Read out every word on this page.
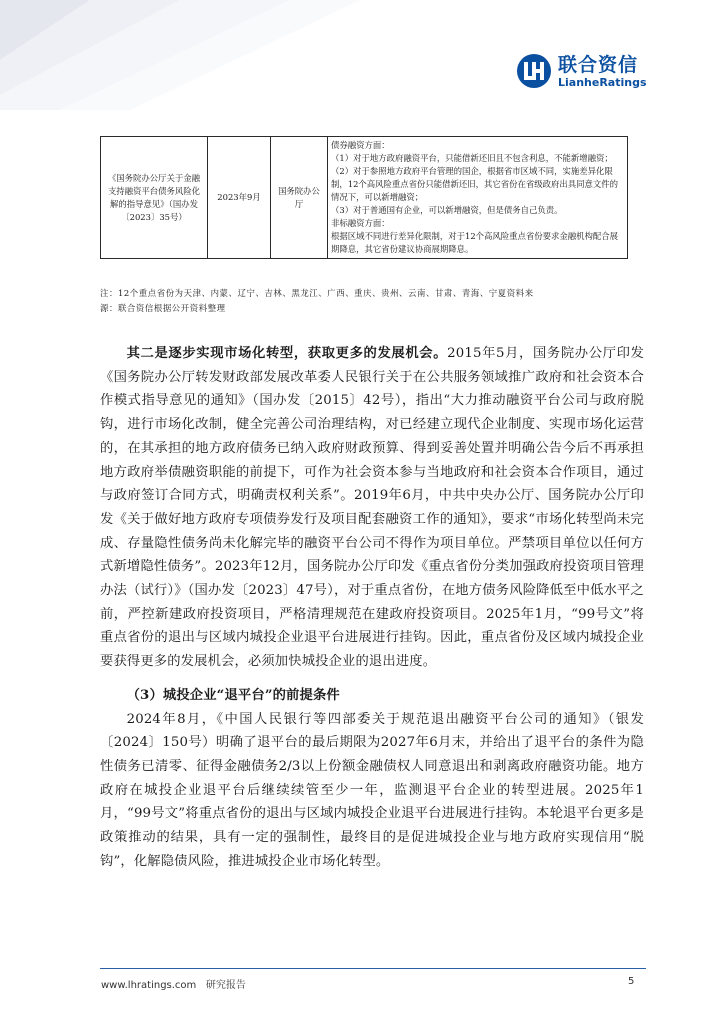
联合资信
LianheRatings
《国务院办公厅关于金融支持融资平台债务风险化解的指导意见》（国办发〔2023〕35号）	2023年9月	国务院办公厅	
债券融资方面：
（1）对于地方政府融资平台，只能借新还旧且不包含利息，不能新增融资；
（2）对于参照地方政府平台管理的国企，根据省市区域不同，实施差异化限制，12个高风险重点省份只能借新还旧，其它省份在省级政府出具同意文件的情况下，可以新增融资；
（3）对于普通国有企业，可以新增融资，但是债务自己负责。
非标融资方面：
根据区域不同进行差异化限制，对于12个高风险重点省份要求金融机构配合展期降息，其它省份建议协商展期降息。
注：12个重点省份为天津、内蒙、辽宁、吉林、黑龙江、广西、重庆、贵州、云南、甘肃、青海、宁夏资料来
源：联合资信根据公开资料整理

其二是逐步实现市场化转型，获取更多的发展机会。2015年5月，国务院办公厅印发《国务院办公厅转发财政部发展改革委人民银行关于在公共服务领域推广政府和社会资本合作模式指导意见的通知》（国办发〔2015〕42号），指出“大力推动融资平台公司与政府脱钩，进行市场化改制，健全完善公司治理结构，对已经建立现代企业制度、实现市场化运营的，在其承担的地方政府债务已纳入政府财政预算、得到妥善处置并明确公告今后不再承担地方政府举债融资职能的前提下，可作为社会资本参与当地政府和社会资本合作项目，通过与政府签订合同方式，明确责权利关系”。2019年6月，中共中央办公厅、国务院办公厅印发《关于做好地方政府专项债券发行及项目配套融资工作的通知》，要求“市场化转型尚未完成、存量隐性债务尚未化解完毕的融资平台公司不得作为项目单位。严禁项目单位以任何方式新增隐性债务”。2023年12月，国务院办公厅印发《重点省份分类加强政府投资项目管理办法（试行）》（国办发〔2023〕47号），对于重点省份，在地方债务风险降低至中低水平之前，严控新建政府投资项目，严格清理规范在建政府投资项目。2025年1月，“99号文”将重点省份的退出与区域内城投企业退平台进展进行挂钩。因此，重点省份及区域内城投企业要获得更多的发展机会，必须加快城投企业的退出进度。

（3）城投企业“退平台”的前提条件

2024年8月，《中国人民银行等四部委关于规范退出融资平台公司的通知》（银发〔2024〕150号）明确了退平台的最后期限为2027年6月末，并给出了退平台的条件为隐性债务已清零、征得金融债务2/3以上份额金融债权人同意退出和剥离政府融资功能。地方政府在城投企业退平台后继续续管至少一年，监测退平台企业的转型进展。2025年1月，“99号文”将重点省份的退出与区域内城投企业退平台进展进行挂钩。本轮退平台更多是政策推动的结果，具有一定的强制性，最终目的是促进城投企业与地方政府实现信用“脱钩”，化解隐债风险，推进城投企业市场化转型。

www.lhratings.com 研究报告	5
